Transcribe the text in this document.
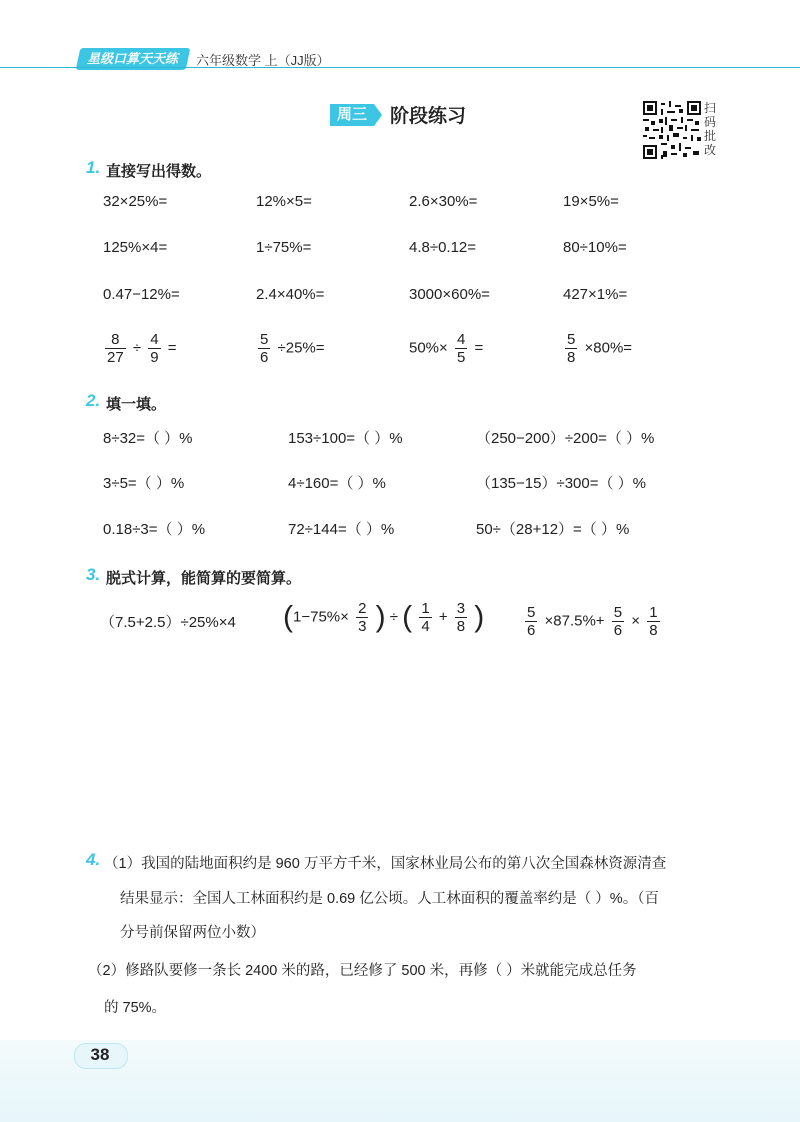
星级口算天天练	六年级数学 上（JJ版）
周三	阶段练习	扫码批改
1. 直接写出得数。
32×25%=	12%×5=	2.6×30%=	19×5%=
125%×4=	1÷75%=	4.8÷0.12=	80÷10%=
0.47−12%=	2.4×40%=	3000×60%=	427×1%=
$\frac{8}{27} \div \frac{4}{9}$ =	$\frac{5}{6} \div 25\%=$	$50\%\times \frac{4}{5}$ =	$\frac{5}{8} \times 80\%=$
2. 填一填。
8÷32=（ ）%	153÷100=（ ）%	（250−200）÷200=（ ）%
3÷5=（ ）%	4÷160=（ ）%	（135−15）÷300=（ ）%
0.18÷3=（ ）%	72÷144=（ ）%	50÷（28+12）=（ ）%
3. 脱式计算，能简算的要简算。
（7.5+2.5）÷25%×4 ($1-75\%\times \frac{2}{3}$ ) ÷ ( $\frac{1}{4} + \frac{3}{8}$ )	$\frac{5}{6} \times 87.5\%+ \frac{5}{6} \times \frac{1}{8}$
4. （1）我国的陆地面积约是 960 万平方千米，国家林业局公布的第八次全国森林资源清查
结果显示：全国人工林面积约是 0.69 亿公顷。人工林面积的覆盖率约是（ ）%。（百
分号前保留两位小数）
（2）修路队要修一条长 2400 米的路，已经修了 500 米，再修（ ）米就能完成总任务
的 75%。
38
